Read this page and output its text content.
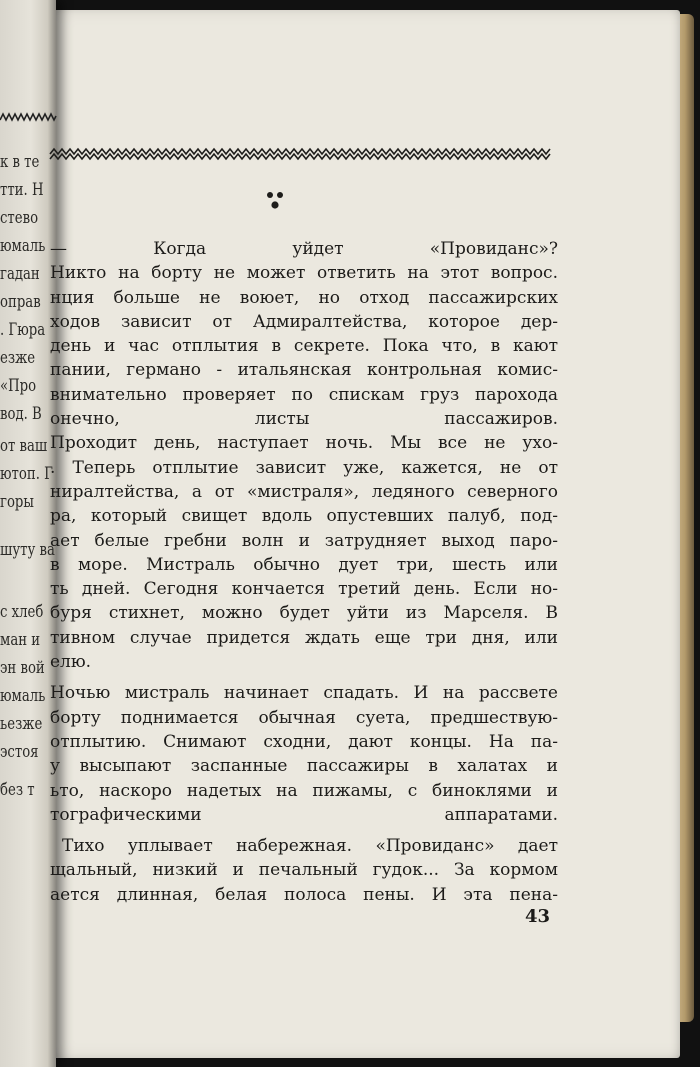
к в те
тти. Н
стево
юмаль
гадан
оправ
. Гюра
езже
«Про
вод. В
от ваш
ютоп. Г
горы
шуту ва
с хлеб
ман и
эн вой
юмаль
ьезже
эстоя
без т

— Когда уйдет «Провиданс»?

Никто на борту не может ответить на этот вопрос.

нция больше не воюет, но отход пассажирских

ходов зависит от Адмиралтейства, которое дер-

день и час отплытия в секрете. Пока что, в кают

пании, германо - итальянская контрольная комис-

внимательно проверяет по спискам груз парохода

онечно, листы пассажиров.

Проходит день, наступает ночь. Мы все не ухо-

. Теперь отплытие зависит уже, кажется, не от

ниралтейства, а от «мистраля», ледяного северного

ра, который свищет вдоль опустевших палуб, под-

ает белые гребни волн и затрудняет выход паро-

в море. Мистраль обычно дует три, шесть или

ть дней. Сегодня кончается третий день. Если но-

буря стихнет, можно будет уйти из Марселя. В

тивном случае придется ждать еще три дня, или

елю.

Ночью мистраль начинает спадать. И на рассвете

борту поднимается обычная суета, предшествую-

отплытию. Снимают сходни, дают концы. На па-

у высыпают заспанные пассажиры в халатах и

ьто, наскоро надетых на пижамы, с биноклями и

тографическими аппаратами.

Тихо уплывает набережная. «Провиданс» дает

щальный, низкий и печальный гудок... За кормом

ается длинная, белая полоса пены. И эта пена-

43
